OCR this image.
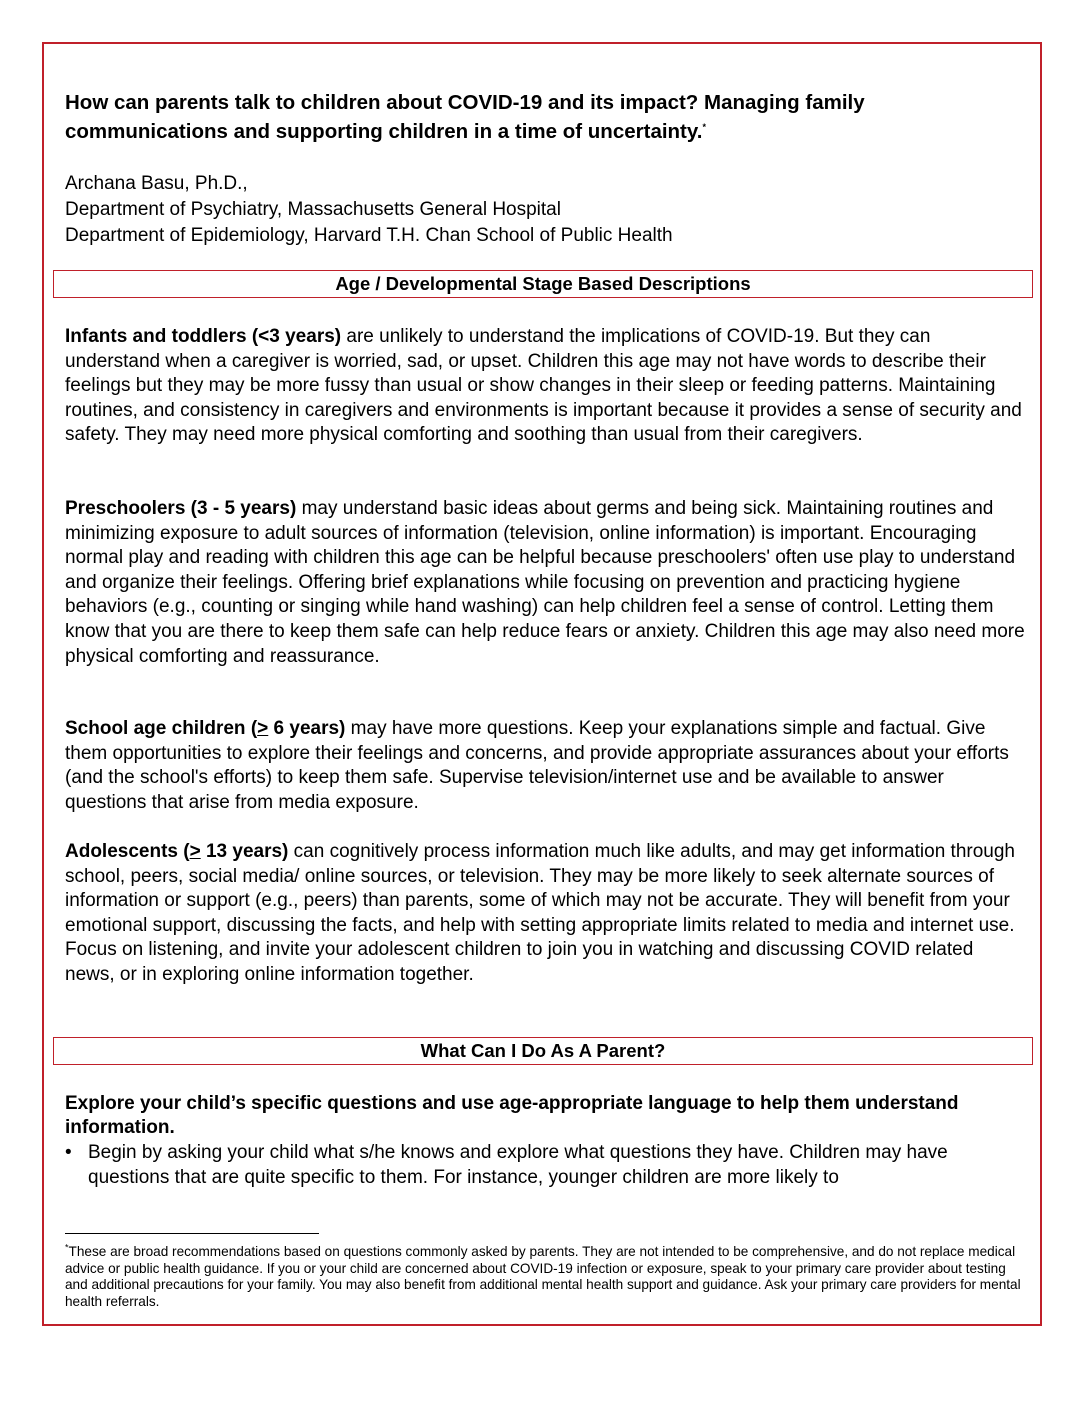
How can parents talk to children about COVID-19 and its impact? Managing family communications and supporting children in a time of uncertainty.*
Archana Basu, Ph.D.,
Department of Psychiatry, Massachusetts General Hospital
Department of Epidemiology, Harvard T.H. Chan School of Public Health
Age / Developmental Stage Based Descriptions

Infants and toddlers (<3 years) are unlikely to understand the implications of COVID-19. But they can understand when a caregiver is worried, sad, or upset. Children this age may not have words to describe their feelings but they may be more fussy than usual or show changes in their sleep or feeding patterns. Maintaining routines, and consistency in caregivers and environments is important because it provides a sense of security and safety. They may need more physical comforting and soothing than usual from their caregivers.

Preschoolers (3 - 5 years) may understand basic ideas about germs and being sick. Maintaining routines and minimizing exposure to adult sources of information (television, online information) is important. Encouraging normal play and reading with children this age can be helpful because preschoolers' often use play to understand and organize their feelings. Offering brief explanations while focusing on prevention and practicing hygiene behaviors (e.g., counting or singing while hand washing) can help children feel a sense of control. Letting them know that you are there to keep them safe can help reduce fears or anxiety. Children this age may also need more physical comforting and reassurance.

School age children (≥ 6 years) may have more questions. Keep your explanations simple and factual. Give them opportunities to explore their feelings and concerns, and provide appropriate assurances about your efforts (and the school's efforts) to keep them safe. Supervise television/internet use and be available to answer questions that arise from media exposure.

Adolescents (≥ 13 years) can cognitively process information much like adults, and may get information through school, peers, social media/ online sources, or television. They may be more likely to seek alternate sources of information or support (e.g., peers) than parents, some of which may not be accurate. They will benefit from your emotional support, discussing the facts, and help with setting appropriate limits related to media and internet use. Focus on listening, and invite your adolescent children to join you in watching and discussing COVID related news, or in exploring online information together.

What Can I Do As A Parent?

Explore your child’s specific questions and use age-appropriate language to help them understand information.

• Begin by asking your child what s/he knows and explore what questions they have. Children may have questions that are quite specific to them. For instance, younger children are more likely to
*These are broad recommendations based on questions commonly asked by parents. They are not intended to be comprehensive, and do not replace medical advice or public health guidance. If you or your child are concerned about COVID-19 infection or exposure, speak to your primary care provider about testing and additional precautions for your family. You may also benefit from additional mental health support and guidance. Ask your primary care providers for mental health referrals.
